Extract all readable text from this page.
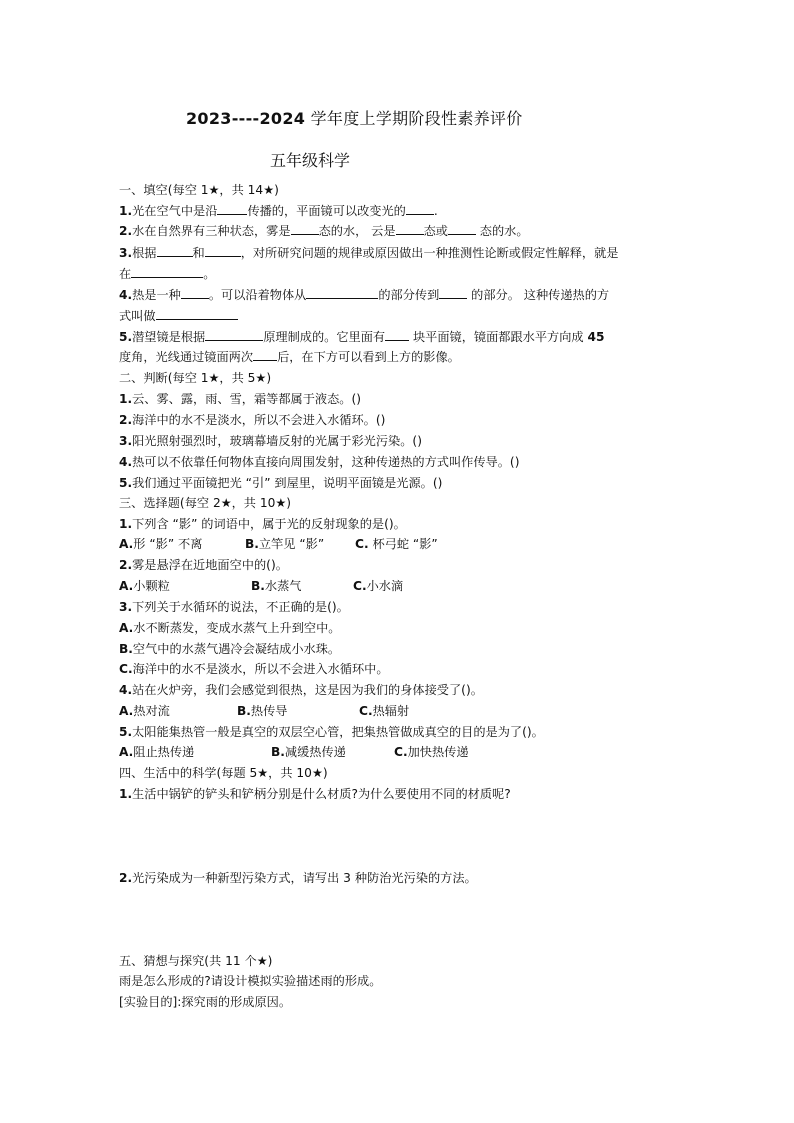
2023----2024 学年度上学期阶段性素养评价
五年级科学
一、填空(每空 1★，共 14★)
1.光在空气中是沿 传播的，平面镜可以改变光的 .
2.水在自然界有三种状态，雾是 态的水， 云是 态或 态的水。
3.根据	和	，对所研究问题的规律或原因做出一种推测性论断或假定性解释，就是
在	。
4.热是一种 。可以沿着物体从	的部分传到 的部分。 这种传递热的方
式叫做
5.潜望镜是根据	原理制成的。它里面有 块平面镜，镜面都跟水平方向成 45
度角，光线通过镜面两次 后，在下方可以看到上方的影像。
二、判断(每空 1★，共 5★)
1.云、雾、露，雨、雪，霜等都属于液态。()
2.海洋中的水不是淡水，所以不会进入水循环。()
3.阳光照射强烈时，玻璃幕墙反射的光属于彩光污染。()
4.热可以不依靠任何物体直接向周围发射，这种传递热的方式叫作传导。()
5.我们通过平面镜把光 “引” 到屋里，说明平面镜是光源。()
三、选择题(每空 2★，共 10★)
1.下列含 “影” 的词语中，属于光的反射现象的是()。
A.形 “影” 不离	B.立竿见 “影”	C. 杯弓蛇 “影”
2.雾是悬浮在近地面空中的()。
A.小颗粒	B.水蒸气	C.小水滴
3.下列关于水循环的说法，不正确的是()。
A.水不断蒸发，变成水蒸气上升到空中。
B.空气中的水蒸气遇冷会凝结成小水珠。
C.海洋中的水不是淡水，所以不会进入水循环中。
4.站在火炉旁，我们会感觉到很热，这是因为我们的身体接受了()。
A.热对流	B.热传导	C.热辐射
5.太阳能集热管一般是真空的双层空心管，把集热管做成真空的目的是为了()。
A.阻止热传递	B.减缓热传递	C.加快热传递
四、生活中的科学(每题 5★，共 10★)
1.生活中锅铲的铲头和铲柄分别是什么材质?为什么要使用不同的材质呢?
2.光污染成为一种新型污染方式，请写出 3 种防治光污染的方法。
五、猜想与探究(共 11 个★)
雨是怎么形成的?请设计模拟实验描述雨的形成。
[实验目的]:探究雨的形成原因。
